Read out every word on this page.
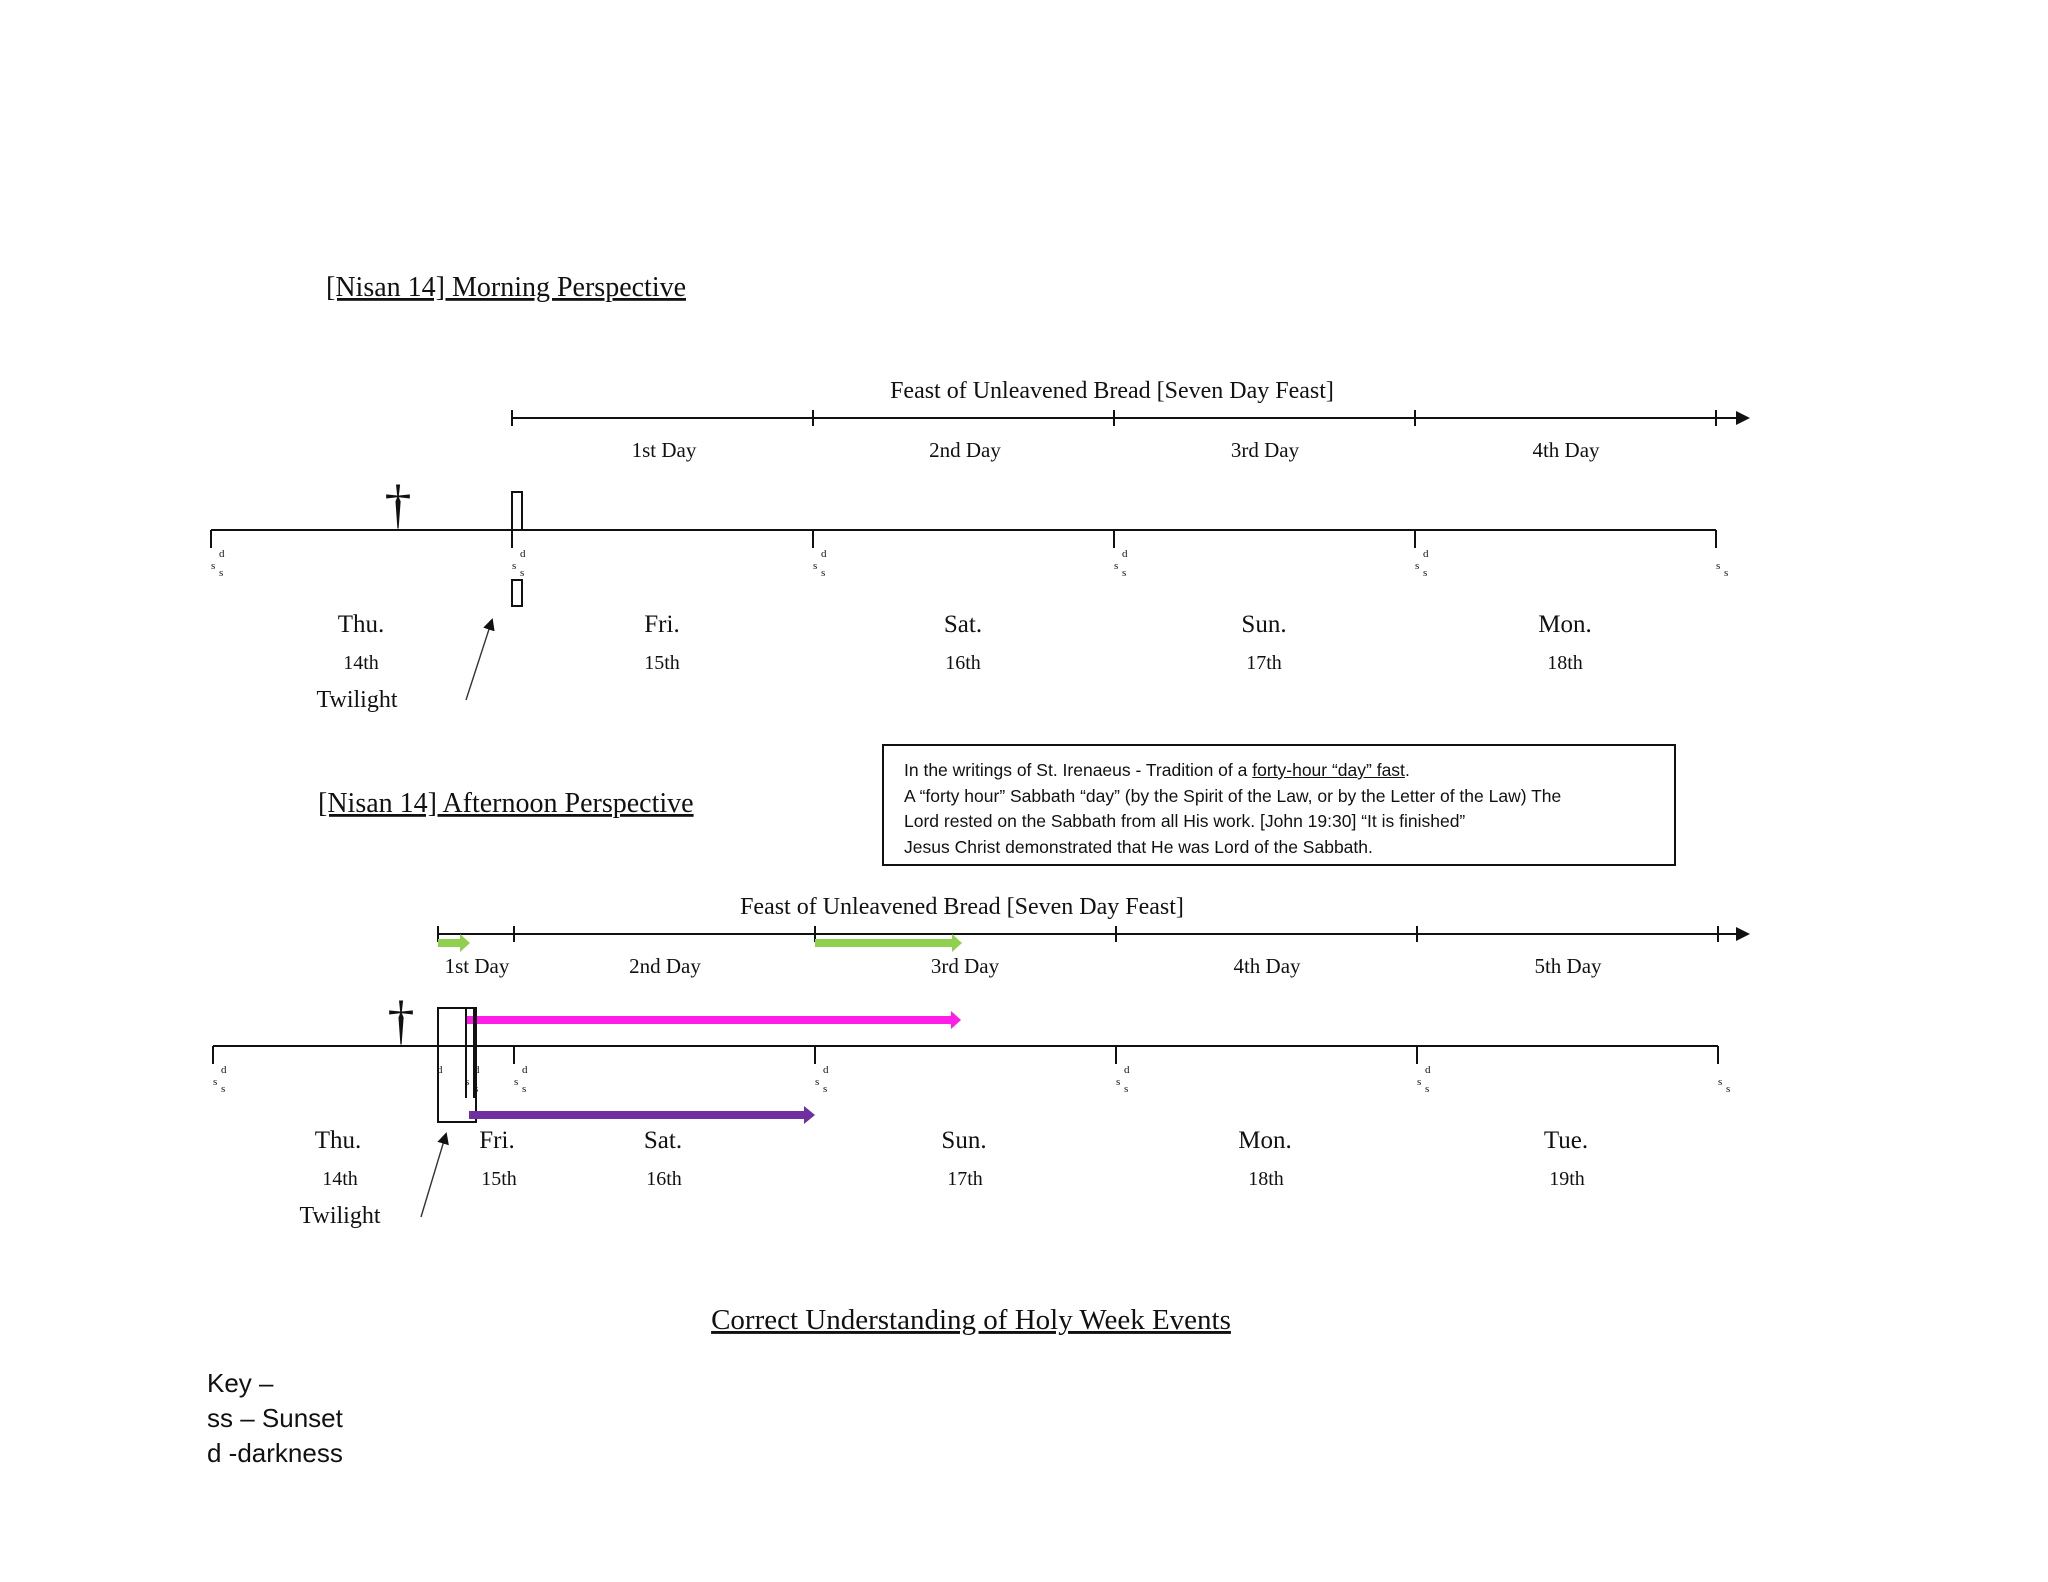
[Nisan 14] Morning Perspective
Feast of Unleavened Bread [Seven Day Feast]
1st Day	2nd Day	3rd Day	4th Day
†
d
s
s
d
s
s
d
s
s
d
s
s
d
s
s
s
s
Thu.	Fri.	Sat.	Sun.	Mon.
14th	15th	16th	17th	18th
Twilight
[Nisan 14] Afternoon Perspective
Feast of Unleavened Bread [Seven Day Feast]
1st Day	2nd Day	3rd Day	4th Day	5th Day
†
d
s
s
d	d
s
s
d
s
s
d
s
s
d
s
s
d
s
s
s
s
Thu.	Fri.	Sat.	Sun.	Mon.	Tue.
14th	15th	16th	17th	18th	19th
Twilight
Correct Understanding of Holy Week Events
In the writings of St. Irenaeus - Tradition of a forty-hour “day” fast.
A “forty hour” Sabbath “day” (by the Spirit of the Law, or by the Letter of the Law) The
Lord rested on the Sabbath from all His work. [John 19:30] “It is finished”
Jesus Christ demonstrated that He was Lord of the Sabbath.
Key –
ss – Sunset
d -darkness
